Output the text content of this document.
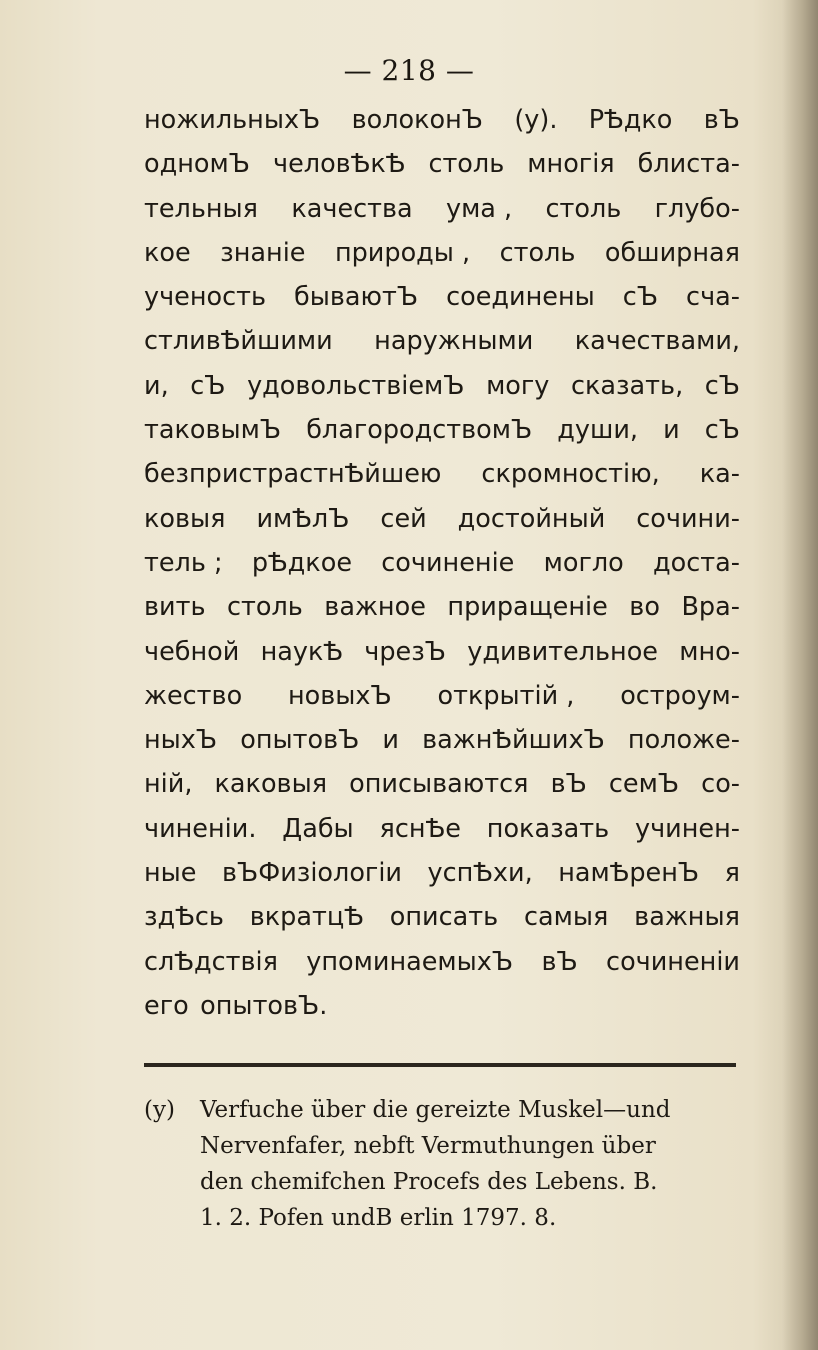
— 218 —
ножильныхЪ волоконЪ (у). РѢдко вЪ
одномЪ человѢкѢ столь многія блиста-
тельныя качества ума , столь глубо-
кое знаніе природы , столь обширная
ученость бываютЪ соединены сЪ сча-
стливѢйшими наружными качествами,
и, сЪ удовольствіемЪ могу сказать, сЪ
таковымЪ благородствомЪ души, и сЪ
безпристрастнѢйшею скромностію, ка-
ковыя имѢлЪ сей достойный сочини-
тель ; рѢдкое сочиненіе могло доста-
вить столь важное приращеніе во Вра-
чебной наукѢ чрезЪ удивительное мно-
жество новыхЪ открытій , остроум-
ныхЪ опытовЪ и важнѢйшихЪ положе-
ній, каковыя описываются вЪ семЪ со-
чиненіи. Дабы яснѢе показать учинен-
ные вЪФизіологіи успѢхи, намѢренЪ я
здѢсь вкратцѢ описать самыя важныя
слѢдствія упоминаемыхЪ вЪ сочиненіи
его опытовЪ.
(y) Verfuche über die gereizte Muskel—und
Nervenfafer, nebft Vermuthungen über
den chemifchen Procefs des Lebens. B.
1. 2. Pofen undB erlin 1797. 8.
